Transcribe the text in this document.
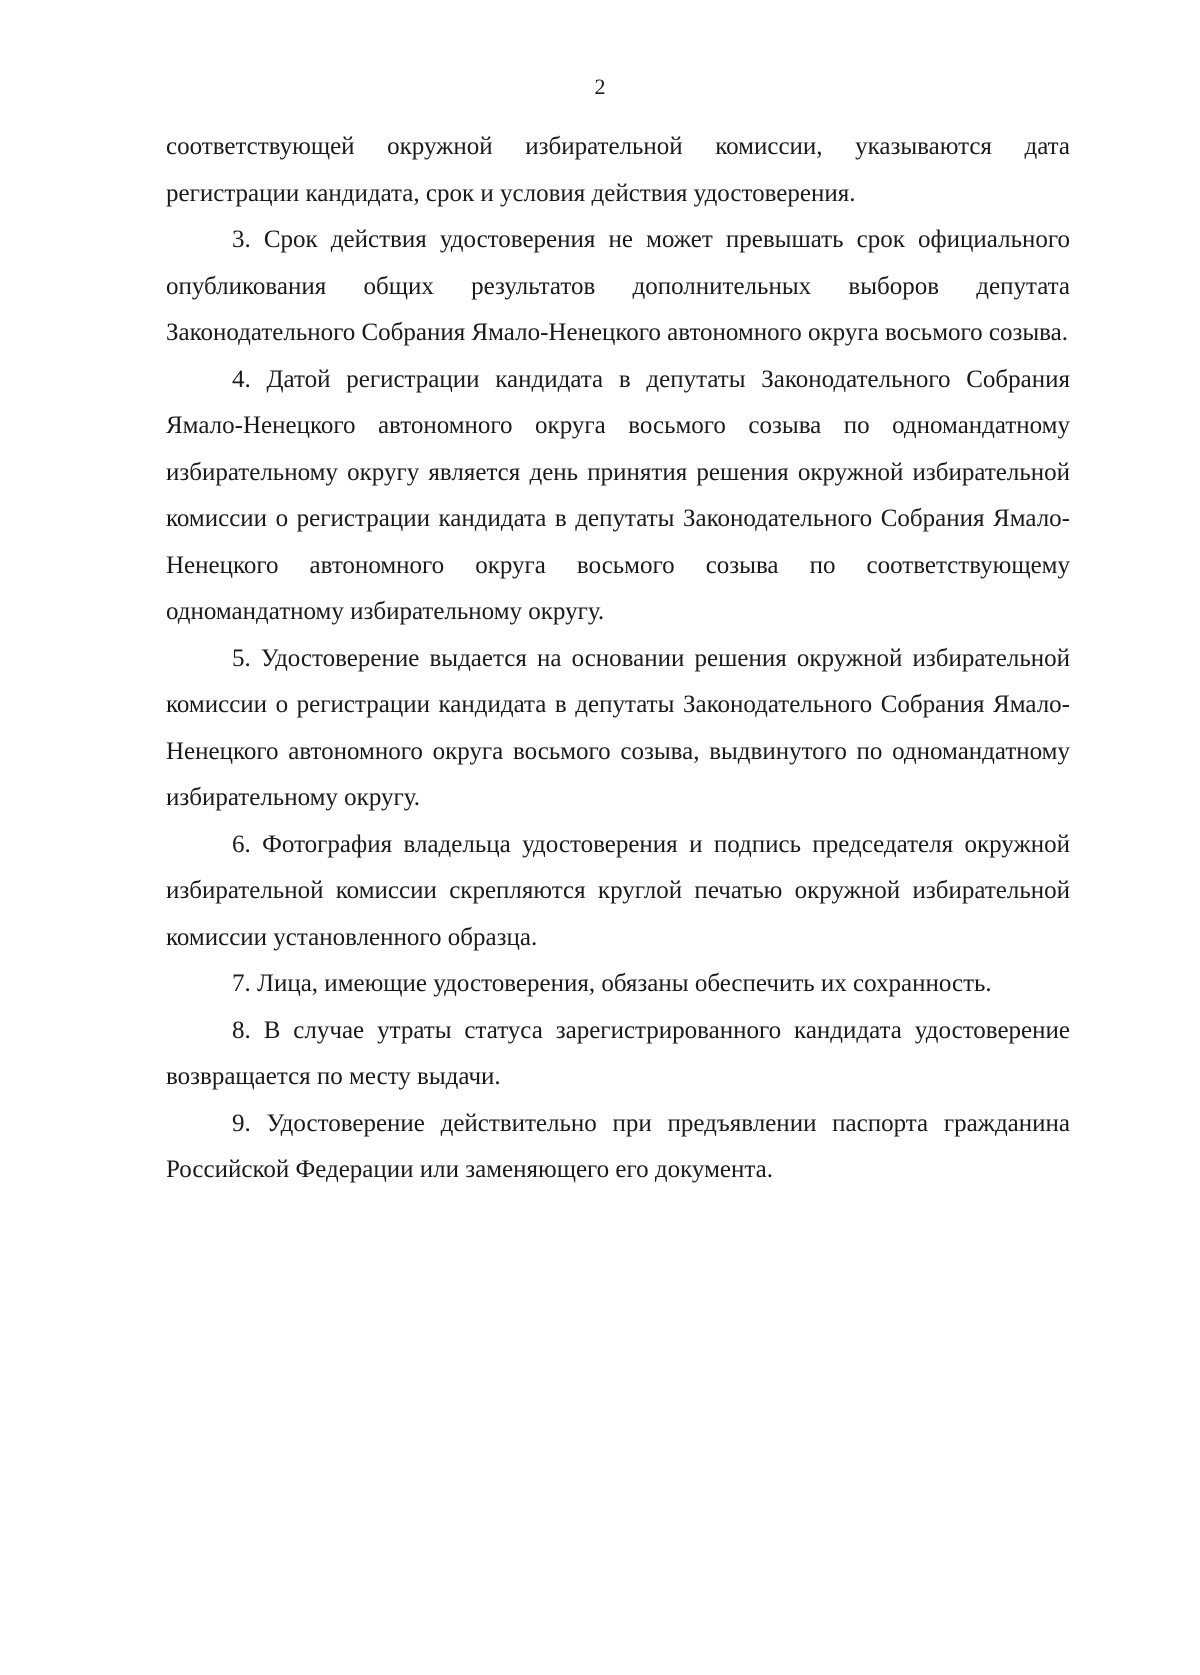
2

соответствующей окружной избирательной комиссии, указываются дата регистрации кандидата, срок и условия действия удостоверения.

3. Срок действия удостоверения не может превышать срок официального опубликования общих результатов дополнительных выборов депутата Законодательного Собрания Ямало-Ненецкого автономного округа восьмого созыва.

4. Датой регистрации кандидата в депутаты Законодательного Собрания Ямало-Ненецкого автономного округа восьмого созыва по одномандатному избирательному округу является день принятия решения окружной избирательной комиссии о регистрации кандидата в депутаты Законодательного Собрания Ямало-Ненецкого автономного округа восьмого созыва по соответствующему одномандатному избирательному округу.

5. Удостоверение выдается на основании решения окружной избирательной комиссии о регистрации кандидата в депутаты Законодательного Собрания Ямало-Ненецкого автономного округа восьмого созыва, выдвинутого по одномандатному избирательному округу.

6. Фотография владельца удостоверения и подпись председателя окружной избирательной комиссии скрепляются круглой печатью окружной избирательной комиссии установленного образца.

7. Лица, имеющие удостоверения, обязаны обеспечить их сохранность.

8. В случае утраты статуса зарегистрированного кандидата удостоверение возвращается по месту выдачи.

9. Удостоверение действительно при предъявлении паспорта гражданина Российской Федерации или заменяющего его документа.
